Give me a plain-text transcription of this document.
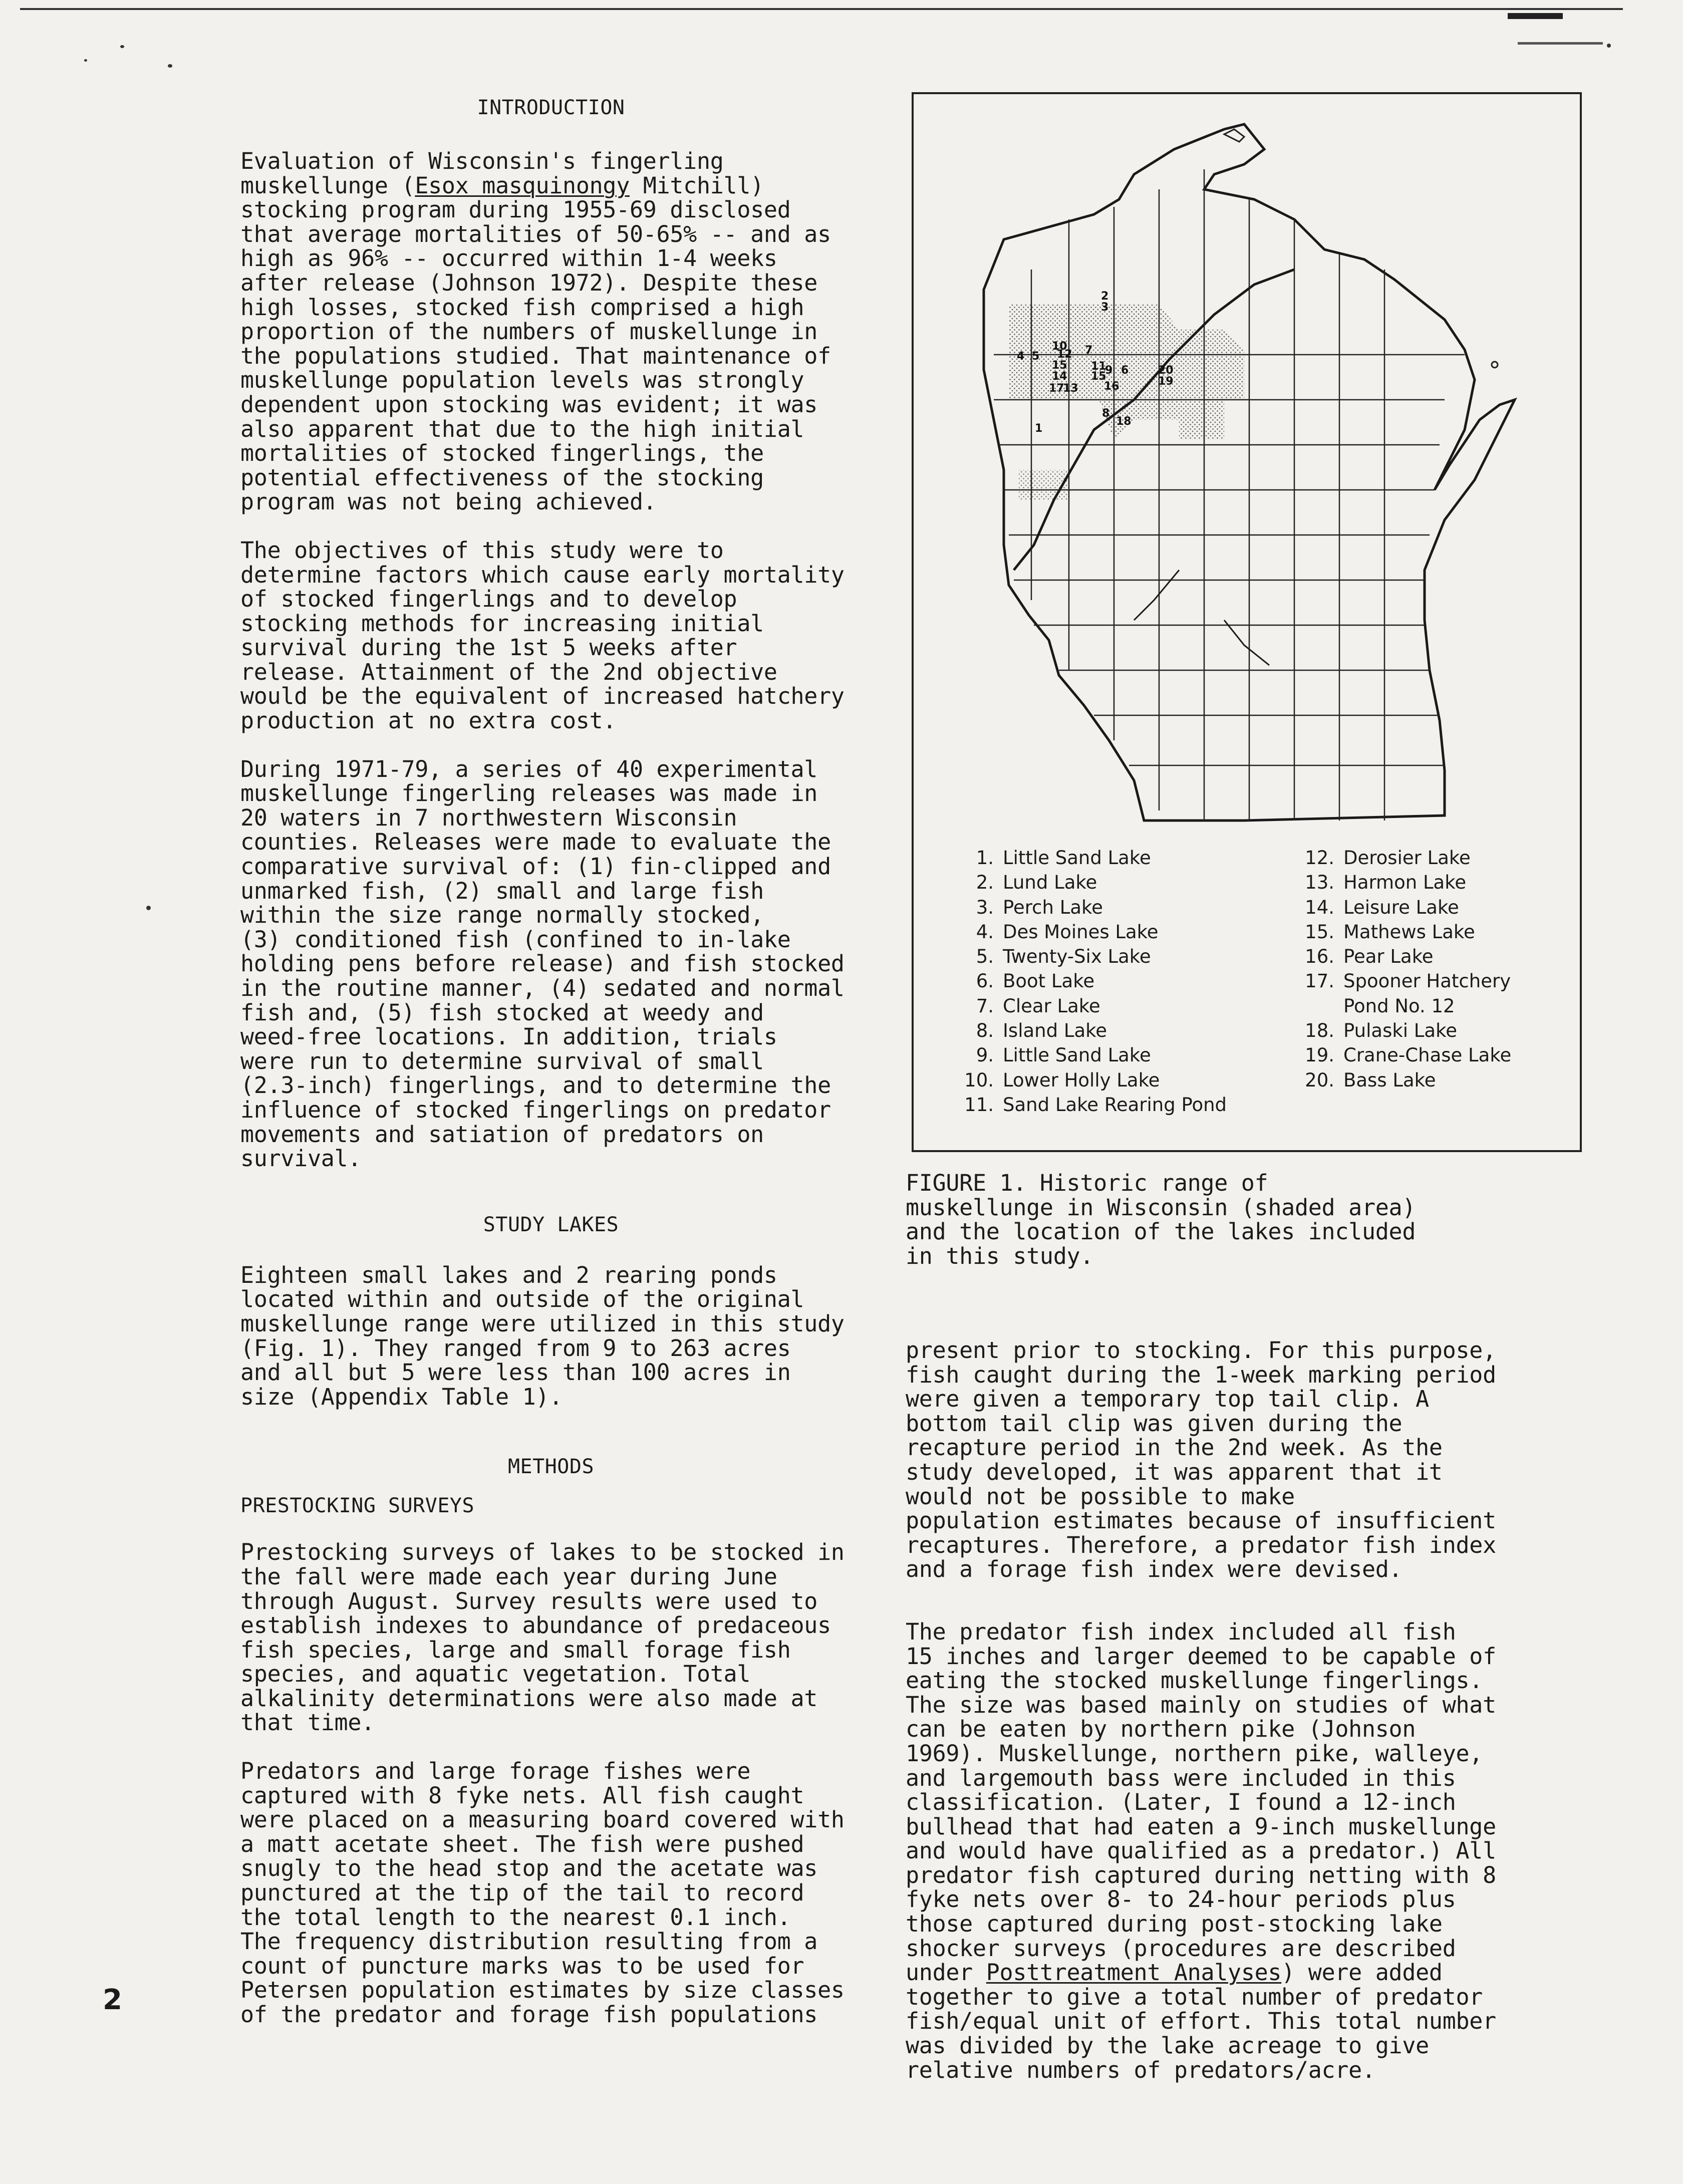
INTRODUCTION

Evaluation of Wisconsin's fingerling
muskellunge (Esox masquinongy Mitchill)
stocking program during 1955-69 disclosed
that average mortalities of 50-65% -- and as
high as 96% -- occurred within 1-4 weeks
after release (Johnson 1972). Despite these
high losses, stocked fish comprised a high
proportion of the numbers of muskellunge in
the populations studied. That maintenance of
muskellunge population levels was strongly
dependent upon stocking was evident; it was
also apparent that due to the high initial
mortalities of stocked fingerlings, the
potential effectiveness of the stocking
program was not being achieved.

The objectives of this study were to
determine factors which cause early mortality
of stocked fingerlings and to develop
stocking methods for increasing initial
survival during the 1st 5 weeks after
release. Attainment of the 2nd objective
would be the equivalent of increased hatchery
production at no extra cost.

During 1971-79, a series of 40 experimental
muskellunge fingerling releases was made in
20 waters in 7 northwestern Wisconsin
counties. Releases were made to evaluate the
comparative survival of: (1) fin-clipped and
unmarked fish, (2) small and large fish
within the size range normally stocked,
(3) conditioned fish (confined to in-lake
holding pens before release) and fish stocked
in the routine manner, (4) sedated and normal
fish and, (5) fish stocked at weedy and
weed-free locations. In addition, trials
were run to determine survival of small
(2.3-inch) fingerlings, and to determine the
influence of stocked fingerlings on predator
movements and satiation of predators on
survival.

STUDY LAKES

Eighteen small lakes and 2 rearing ponds
located within and outside of the original
muskellunge range were utilized in this study
(Fig. 1). They ranged from 9 to 263 acres
and all but 5 were less than 100 acres in
size (Appendix Table 1).

METHODS

PRESTOCKING SURVEYS

Prestocking surveys of lakes to be stocked in
the fall were made each year during June
through August. Survey results were used to
establish indexes to abundance of predaceous
fish species, large and small forage fish
species, and aquatic vegetation. Total
alkalinity determinations were also made at
that time.

Predators and large forage fishes were
captured with 8 fyke nets. All fish caught
were placed on a measuring board covered with
a matt acetate sheet. The fish were pushed
snugly to the head stop and the acetate was
punctured at the tip of the tail to record
the total length to the nearest 0.1 inch.
The frequency distribution resulting from a
count of puncture marks was to be used for
Petersen population estimates by size classes
of the predator and forage fish populations

2
3
5
4
10
12
15
14
17
13
7
11
15
9
16
6	20
19
1
8
18
1. Little Sand Lake
2. Lund Lake
3. Perch Lake
4. Des Moines Lake
5. Twenty-Six Lake
6. Boot Lake
7. Clear Lake
8. Island Lake
9. Little Sand Lake
10. Lower Holly Lake
11. Sand Lake Rearing Pond
12. Derosier Lake
13. Harmon Lake
14. Leisure Lake
15. Mathews Lake
16. Pear Lake
17. Spooner Hatchery
Pond No. 12
18. Pulaski Lake
19. Crane-Chase Lake
20. Bass Lake

FIGURE 1. Historic range of
muskellunge in Wisconsin (shaded area)
and the location of the lakes included
in this study.

present prior to stocking. For this purpose,
fish caught during the 1-week marking period
were given a temporary top tail clip. A
bottom tail clip was given during the
recapture period in the 2nd week. As the
study developed, it was apparent that it
would not be possible to make
population estimates because of insufficient
recaptures. Therefore, a predator fish index
and a forage fish index were devised.

The predator fish index included all fish
15 inches and larger deemed to be capable of
eating the stocked muskellunge fingerlings.
The size was based mainly on studies of what
can be eaten by northern pike (Johnson
1969). Muskellunge, northern pike, walleye,
and largemouth bass were included in this
classification. (Later, I found a 12-inch
bullhead that had eaten a 9-inch muskellunge
and would have qualified as a predator.) All
predator fish captured during netting with 8
fyke nets over 8- to 24-hour periods plus
those captured during post-stocking lake
shocker surveys (procedures are described
under Posttreatment Analyses) were added
together to give a total number of predator
fish/equal unit of effort. This total number
was divided by the lake acreage to give
relative numbers of predators/acre.

2
